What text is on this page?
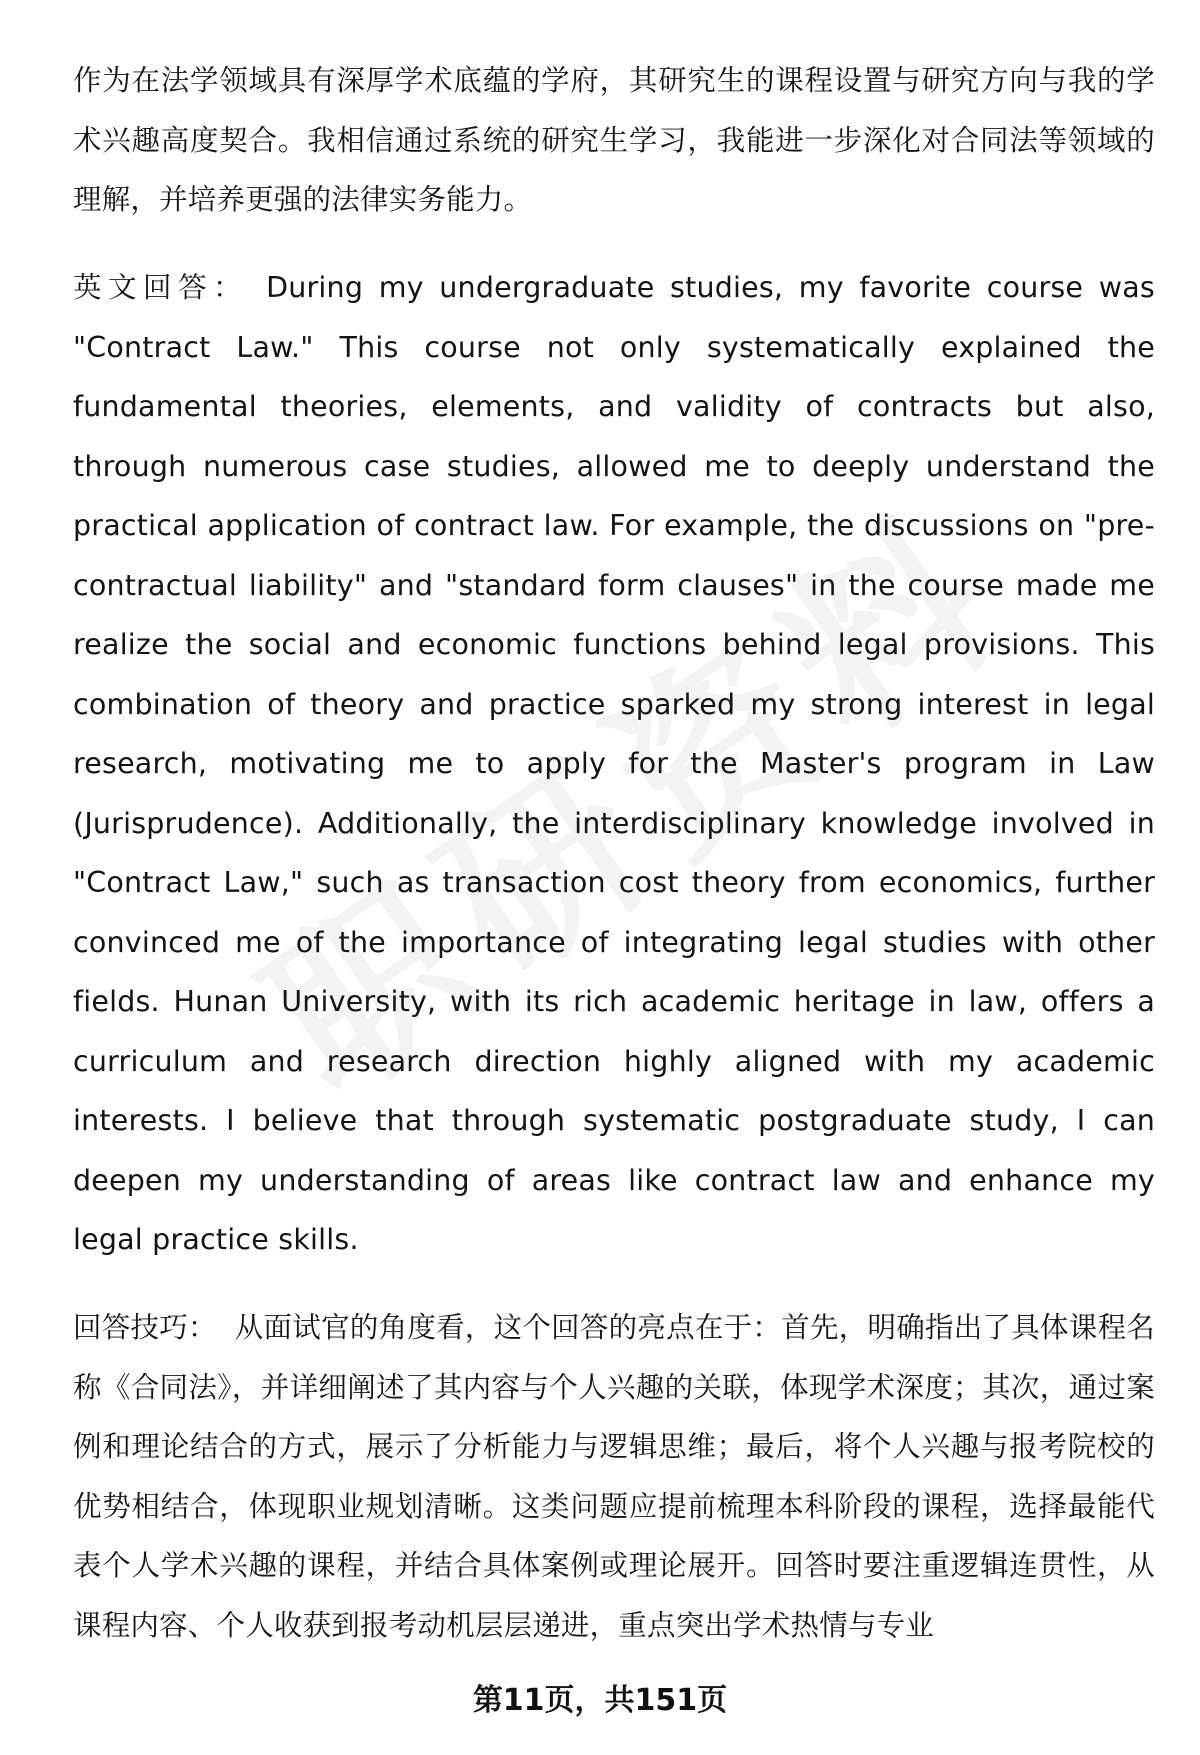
作为在法学领域具有深厚学术底蕴的学府，其研究生的课程设置与研究方向与我的学术兴趣高度契合。我相信通过系统的研究生学习，我能进一步深化对合同法等领域的理解，并培养更强的法律实务能力。

英文回答： During my undergraduate studies, my favorite course was "Contract Law." This course not only systematically explained the fundamental theories, elements, and validity of contracts but also, through numerous case studies, allowed me to deeply understand the practical application of contract law. For example, the discussions on "pre-contractual liability" and "standard form clauses" in the course made me realize the social and economic functions behind legal provisions. This combination of theory and practice sparked my strong interest in legal research, motivating me to apply for the Master's program in Law (Jurisprudence). Additionally, the interdisciplinary knowledge involved in "Contract Law," such as transaction cost theory from economics, further convinced me of the importance of integrating legal studies with other fields. Hunan University, with its rich academic heritage in law, offers a curriculum and research direction highly aligned with my academic interests. I believe that through systematic postgraduate study, I can deepen my understanding of areas like contract law and enhance my legal practice skills.

回答技巧： 从面试官的角度看，这个回答的亮点在于：首先，明确指出了具体课程名称《合同法》，并详细阐述了其内容与个人兴趣的关联，体现学术深度；其次，通过案例和理论结合的方式，展示了分析能力与逻辑思维；最后，将个人兴趣与报考院校的优势相结合，体现职业规划清晰。这类问题应提前梳理本科阶段的课程，选择最能代表个人学术兴趣的课程，并结合具体案例或理论展开。回答时要注重逻辑连贯性，从课程内容、个人收获到报考动机层层递进，重点突出学术热情与专业

第11页，共151页
